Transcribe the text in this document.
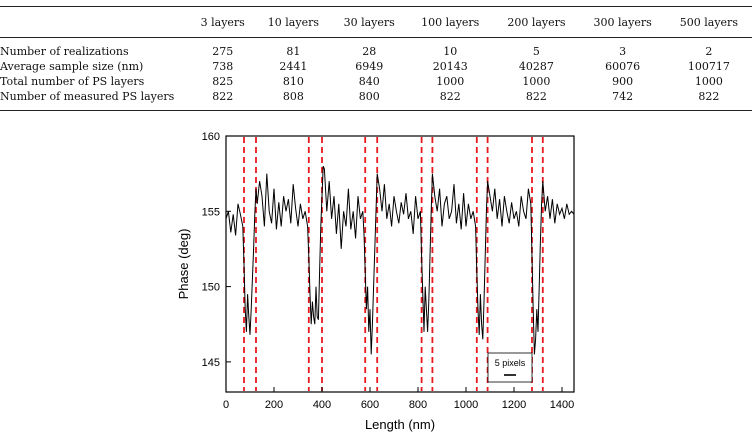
	3 layers	10 layers	30 layers	100 layers	200 layers	300 layers	500 layers
Number of realizations	275	81	28	10	5	3	2
Average sample size (nm)	738	2441	6949	20143	40287	60076	100717
Total number of PS layers	825	810	840	1000	1000	900	1000
Number of measured PS layers	822	808	800	822	822	742	822
0	200	400	600	800 1000 1200 1400
145
150
155
160
Length (nm)
Phase (deg)
5 pixels
